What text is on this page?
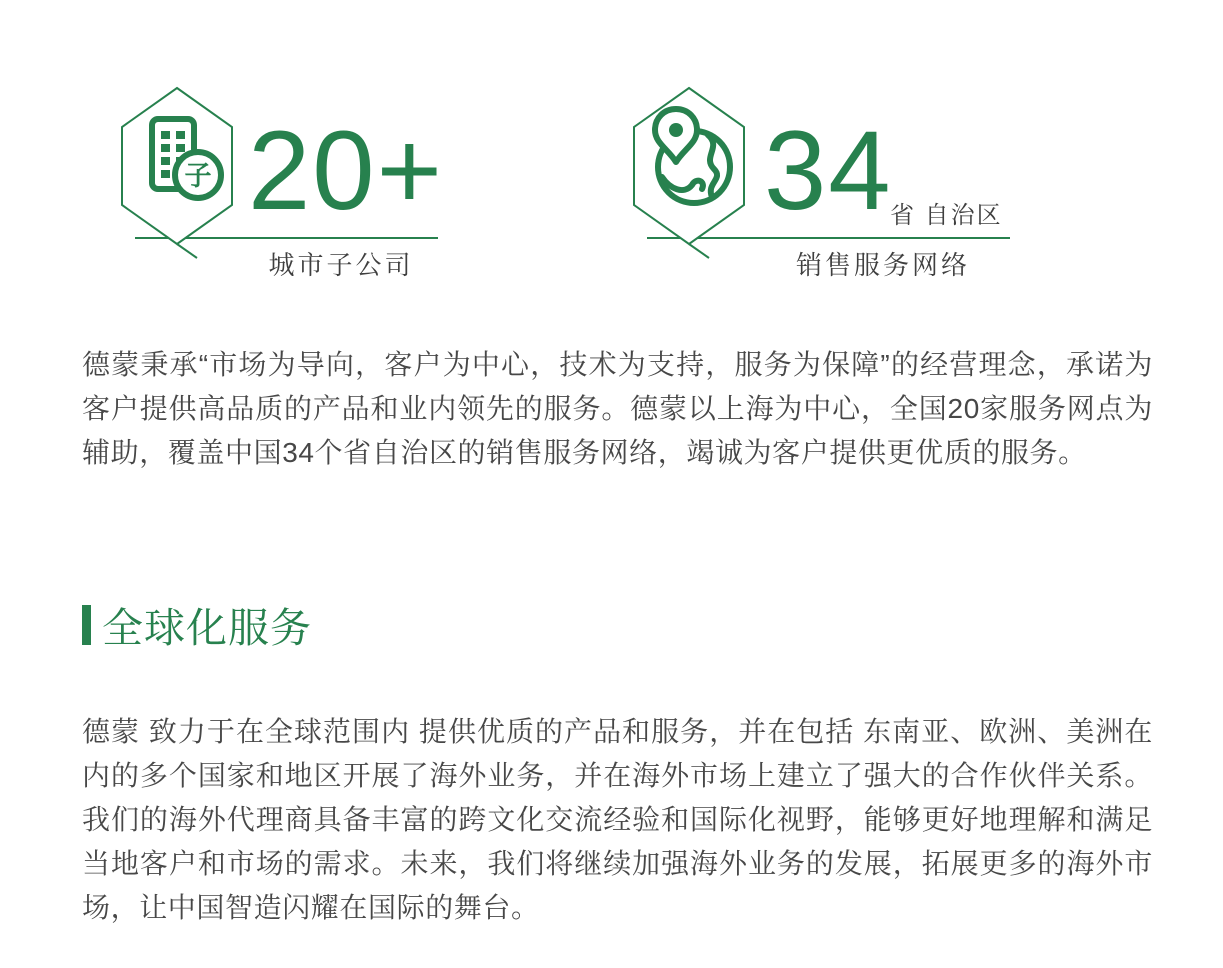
子 20+
城市子公司
34
省 自治区
销售服务网络

德蒙秉承“市场为导向，客户为中心，技术为支持，服务为保障”的经营理念，承诺为客户提供高品质的产品和业内领先的服务。德蒙以上海为中心，全国20家服务网点为辅助，覆盖中国34个省自治区的销售服务网络，竭诚为客户提供更优质的服务。

全球化服务

德蒙 致力于在全球范围内 提供优质的产品和服务，并在包括 东南亚、欧洲、美洲在内的多个国家和地区开展了海外业务，并在海外市场上建立了强大的合作伙伴关系。我们的海外代理商具备丰富的跨文化交流经验和国际化视野，能够更好地理解和满足当地客户和市场的需求。未来，我们将继续加强海外业务的发展，拓展更多的海外市场，让中国智造闪耀在国际的舞台。
